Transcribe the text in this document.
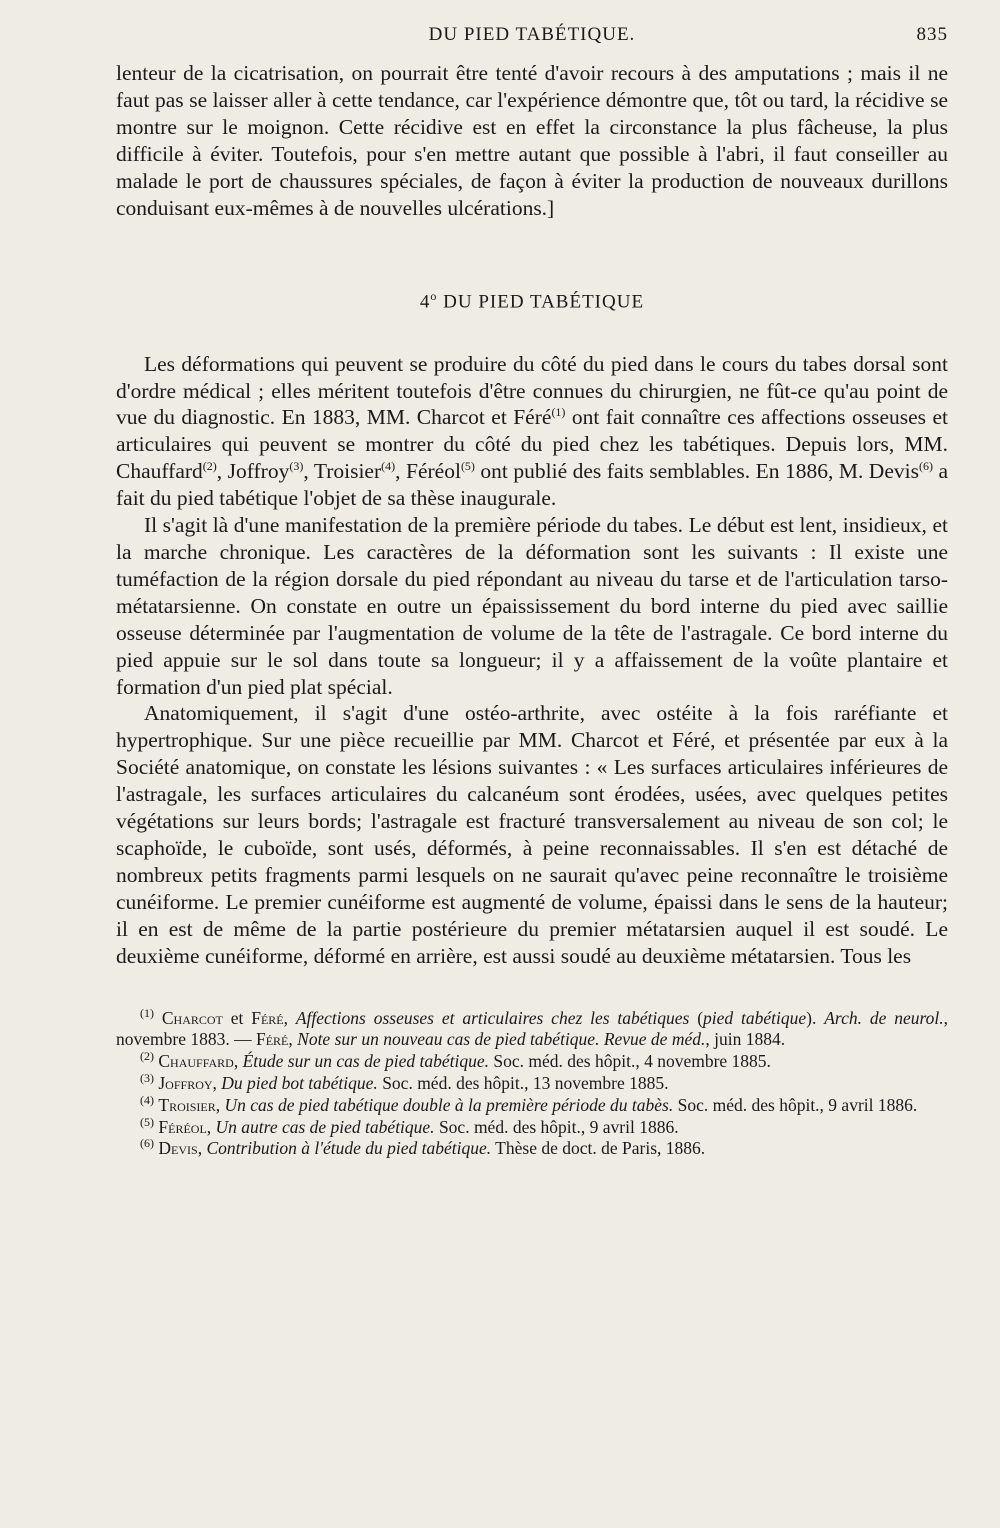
DU PIED TABÉTIQUE.	835

lenteur de la cicatrisation, on pourrait être tenté d'avoir recours à des amputations ; mais il ne faut pas se laisser aller à cette tendance, car l'expérience démontre que, tôt ou tard, la récidive se montre sur le moignon. Cette récidive est en effet la circonstance la plus fâcheuse, la plus difficile à éviter. Toutefois, pour s'en mettre autant que possible à l'abri, il faut conseiller au malade le port de chaussures spéciales, de façon à éviter la production de nouveaux durillons conduisant eux-mêmes à de nouvelles ulcérations.]

4$^o$ DU PIED TABÉTIQUE

Les déformations qui peuvent se produire du côté du pied dans le cours du tabes dorsal sont d'ordre médical ; elles méritent toutefois d'être connues du chirurgien, ne fût-ce qu'au point de vue du diagnostic. En 1883, MM. Charcot et Féré$^{(1)}$ ont fait connaître ces affections osseuses et articulaires qui peuvent se montrer du côté du pied chez les tabétiques. Depuis lors, MM. Chauffard$^{(2)}$, Joffroy$^{(3)}$, Troisier$^{(4)}$, Féréol$^{(5)}$ ont publié des faits semblables. En 1886, M. Devis$^{(6)}$ a fait du pied tabétique l'objet de sa thèse inaugurale.

Il s'agit là d'une manifestation de la première période du tabes. Le début est lent, insidieux, et la marche chronique. Les caractères de la déformation sont les suivants : Il existe une tuméfaction de la région dorsale du pied répondant au niveau du tarse et de l'articulation tarso-métatarsienne. On constate en outre un épaississement du bord interne du pied avec saillie osseuse déterminée par l'augmentation de volume de la tête de l'astragale. Ce bord interne du pied appuie sur le sol dans toute sa longueur; il y a affaissement de la voûte plantaire et formation d'un pied plat spécial.

Anatomiquement, il s'agit d'une ostéo-arthrite, avec ostéite à la fois raréfiante et hypertrophique. Sur une pièce recueillie par MM. Charcot et Féré, et présentée par eux à la Société anatomique, on constate les lésions suivantes : « Les surfaces articulaires inférieures de l'astragale, les surfaces articulaires du calcanéum sont érodées, usées, avec quelques petites végétations sur leurs bords; l'astragale est fracturé transversalement au niveau de son col; le scaphoïde, le cuboïde, sont usés, déformés, à peine reconnaissables. Il s'en est détaché de nombreux petits fragments parmi lesquels on ne saurait qu'avec peine reconnaître le troisième cunéiforme. Le premier cunéiforme est augmenté de volume, épaissi dans le sens de la hauteur; il en est de même de la partie postérieure du premier métatarsien auquel il est soudé. Le deuxième cunéiforme, déformé en arrière, est aussi soudé au deuxième métatarsien. Tous les

$^{(1)}$ Charcot et Féré, Affections osseuses et articulaires chez les tabétiques (pied tabétique). Arch. de neurol., novembre 1883. — Féré, Note sur un nouveau cas de pied tabétique. Revue de méd., juin 1884.

$^{(2)}$ Chauffard, Étude sur un cas de pied tabétique. Soc. méd. des hôpit., 4 novembre 1885.

$^{(3)}$ Joffroy, Du pied bot tabétique. Soc. méd. des hôpit., 13 novembre 1885.

$^{(4)}$ Troisier, Un cas de pied tabétique double à la première période du tabès. Soc. méd. des hôpit., 9 avril 1886.

$^{(5)}$ Féréol, Un autre cas de pied tabétique. Soc. méd. des hôpit., 9 avril 1886.

$^{(6)}$ Devis, Contribution à l'étude du pied tabétique. Thèse de doct. de Paris, 1886.
